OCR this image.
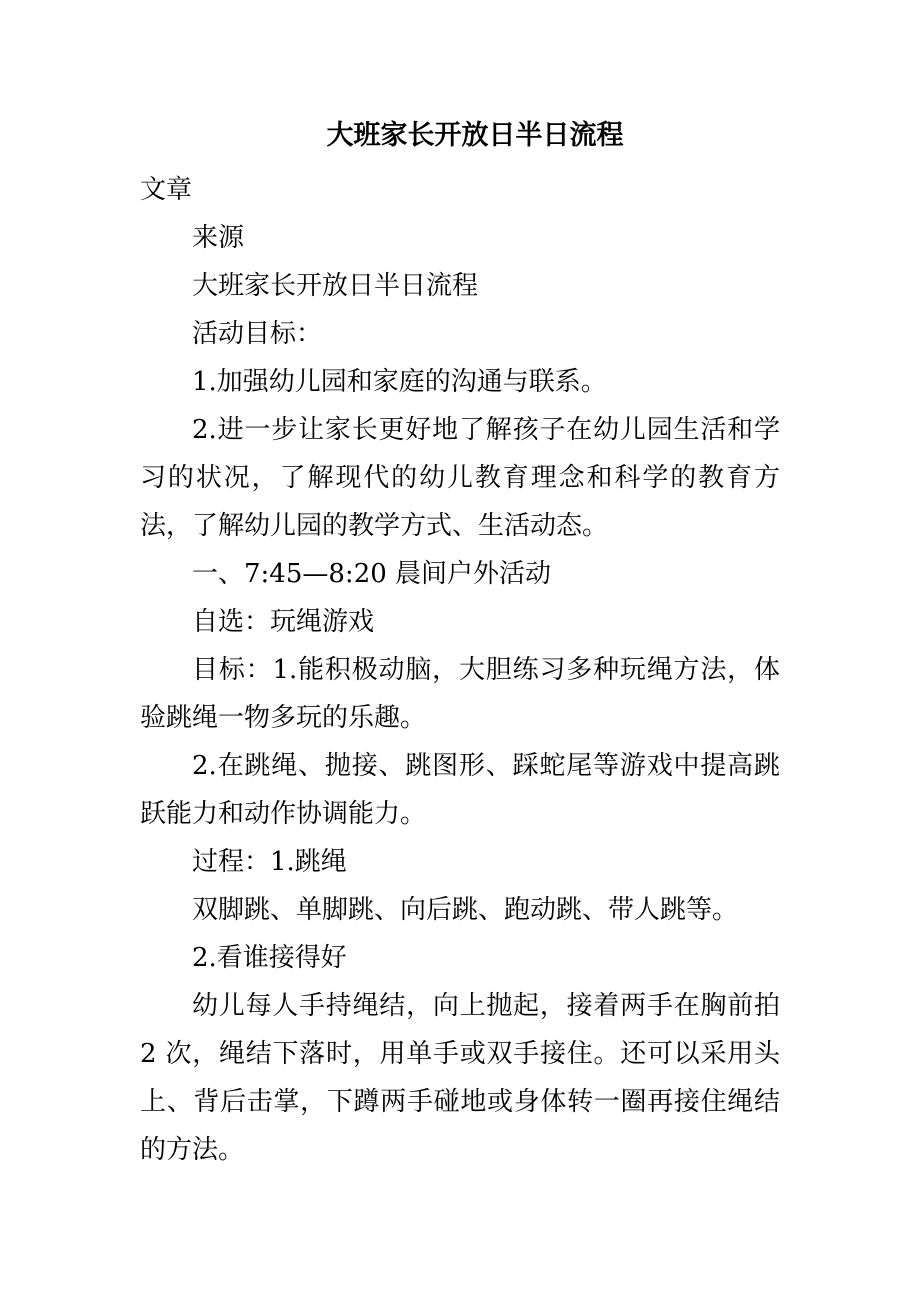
大班家长开放日半日流程

文章

来源

大班家长开放日半日流程

活动目标：

1.加强幼儿园和家庭的沟通与联系。

2.进一步让家长更好地了解孩子在幼儿园生活和学习的状况，了解现代的幼儿教育理念和科学的教育方法，了解幼儿园的教学方式、生活动态。

一、7:45—8:20 晨间户外活动

自选：玩绳游戏

目标：1.能积极动脑，大胆练习多种玩绳方法，体验跳绳一物多玩的乐趣。

2.在跳绳、抛接、跳图形、踩蛇尾等游戏中提高跳跃能力和动作协调能力。

过程：1.跳绳

双脚跳、单脚跳、向后跳、跑动跳、带人跳等。

2.看谁接得好

幼儿每人手持绳结，向上抛起，接着两手在胸前拍 2 次，绳结下落时，用单手或双手接住。还可以采用头上、背后击掌，下蹲两手碰地或身体转一圈再接住绳结的方法。
